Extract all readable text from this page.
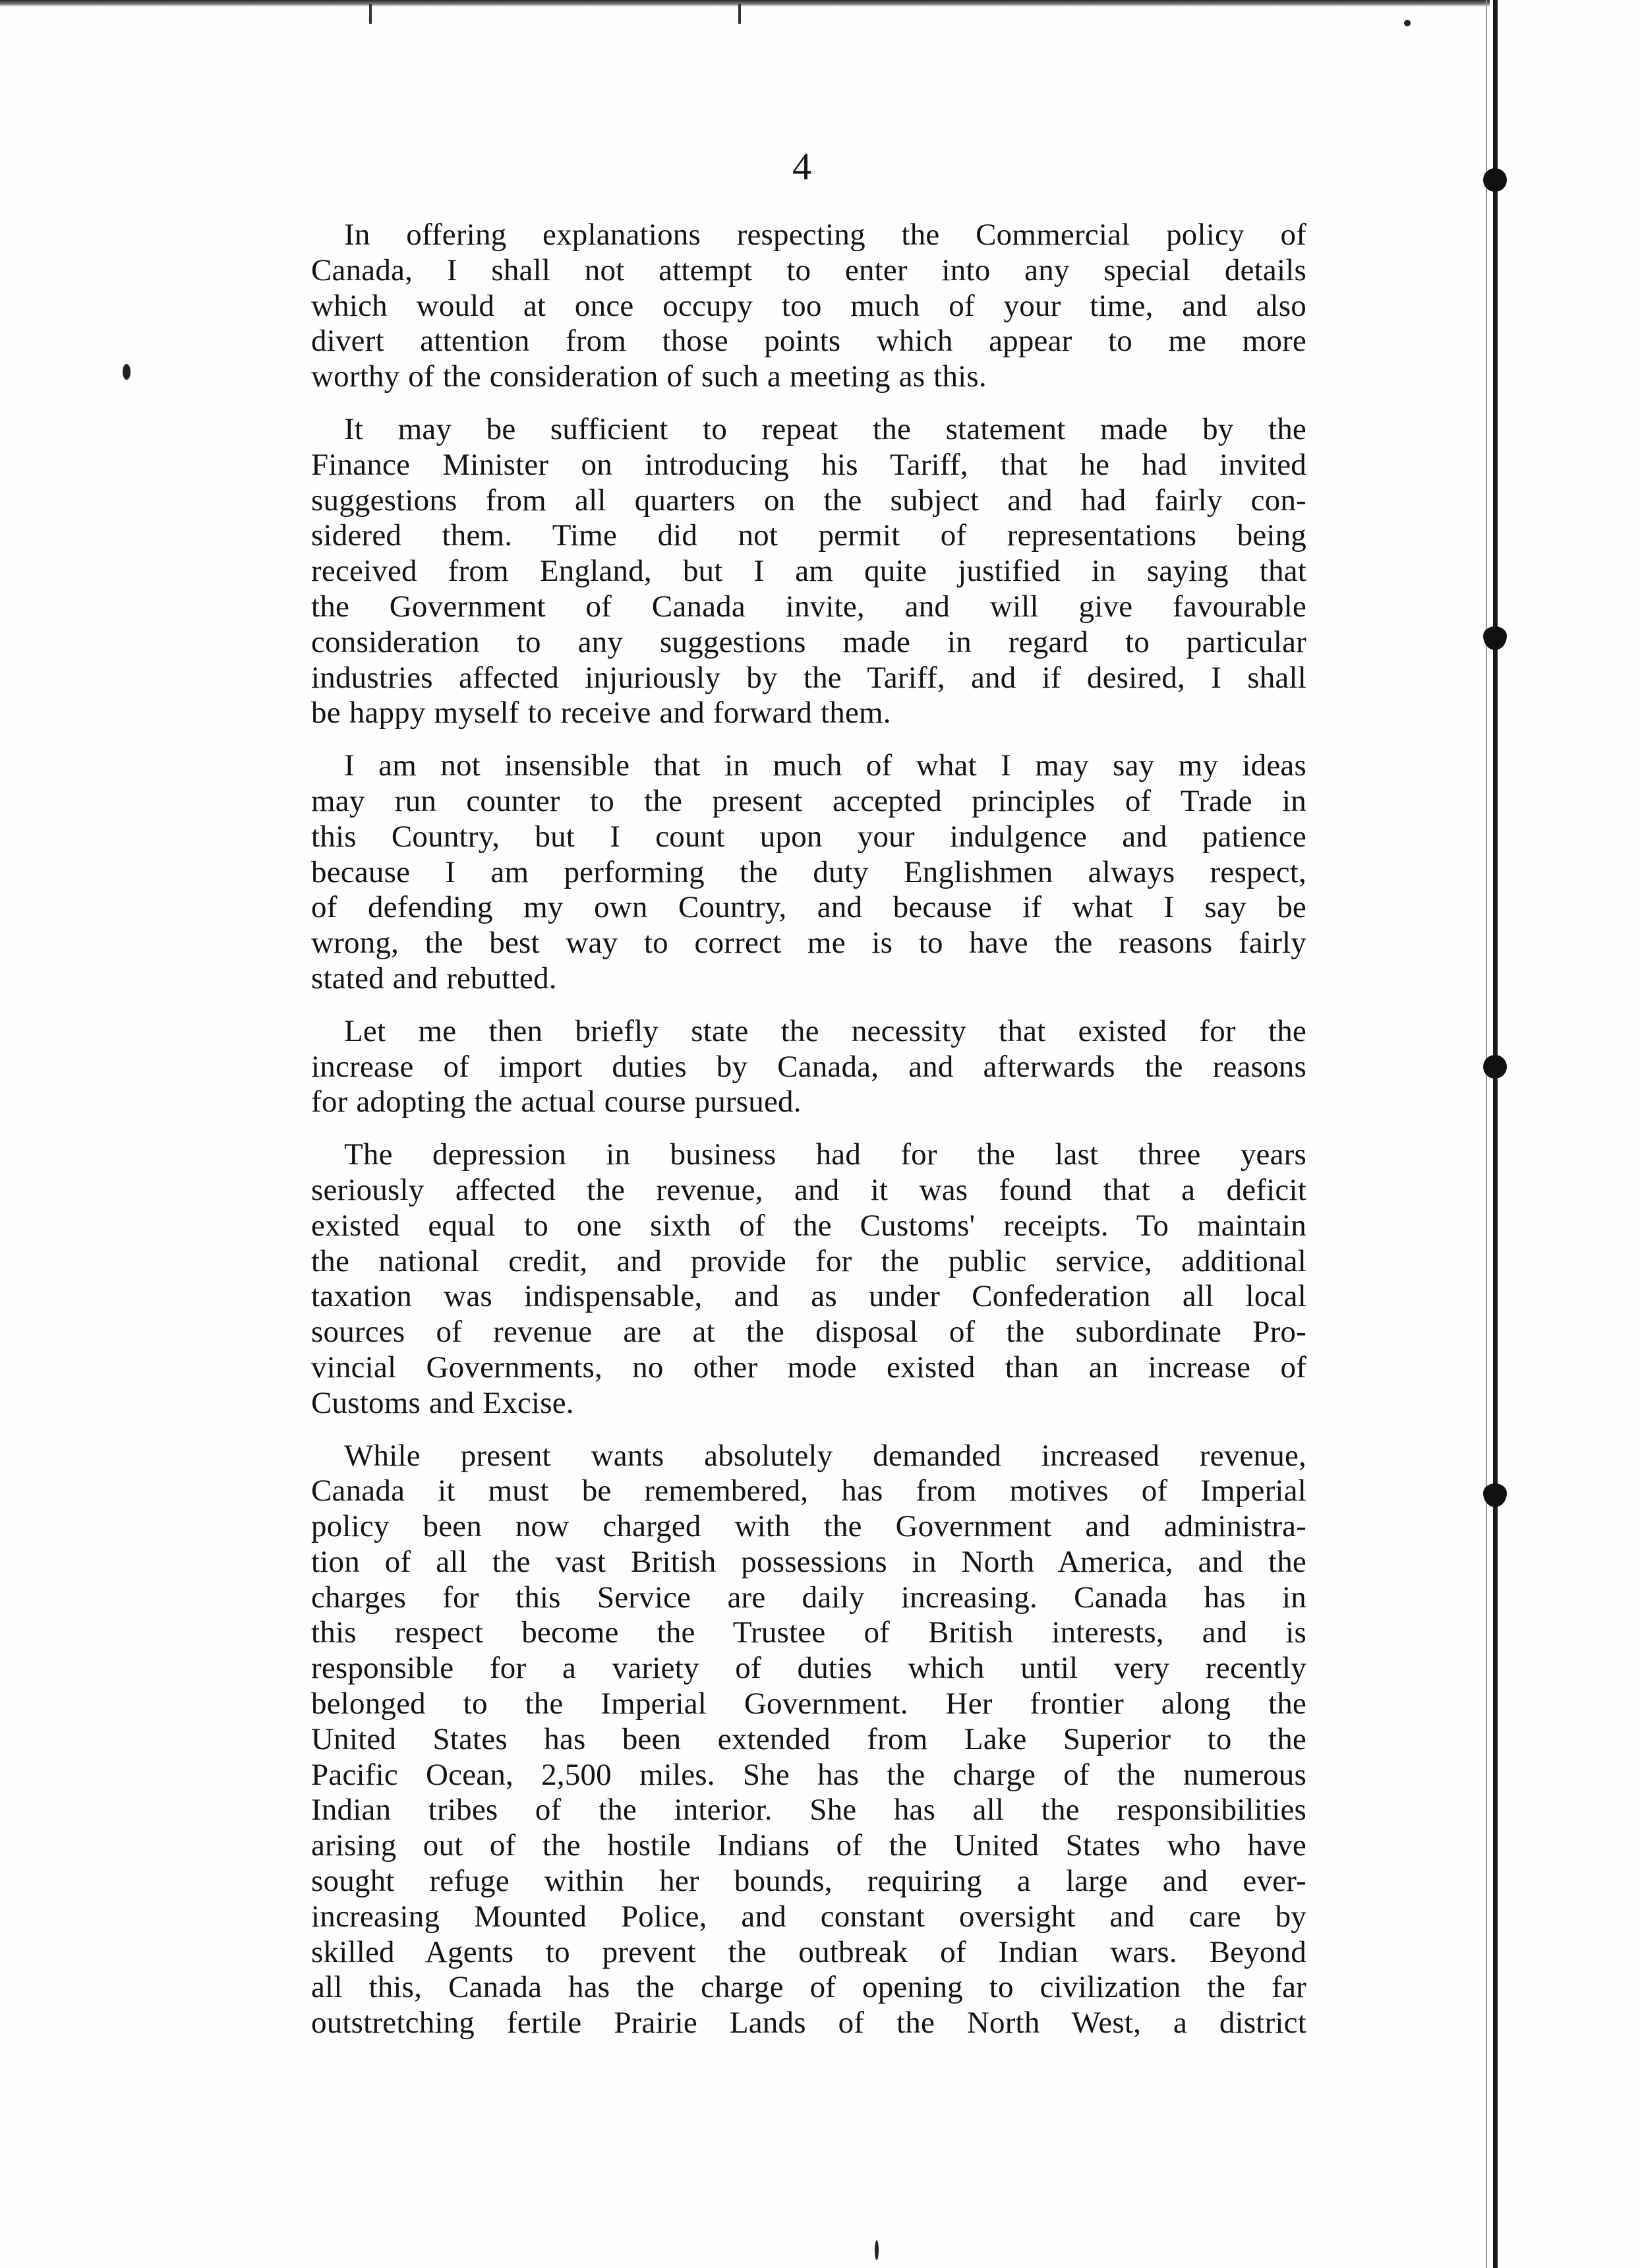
4

In offering explanations respecting the Commercial policy of
Canada, I shall not attempt to enter into any special details
which would at once occupy too much of your time, and also
divert attention from those points which appear to me more
worthy of the consideration of such a meeting as this.

It may be sufficient to repeat the statement made by the
Finance Minister on introducing his Tariff, that he had invited
suggestions from all quarters on the subject and had fairly con-
sidered them. Time did not permit of representations being
received from England, but I am quite justified in saying that
the Government of Canada invite, and will give favourable
consideration to any suggestions made in regard to particular
industries affected injuriously by the Tariff, and if desired, I shall
be happy myself to receive and forward them.

I am not insensible that in much of what I may say my ideas
may run counter to the present accepted principles of Trade in
this Country, but I count upon your indulgence and patience
because I am performing the duty Englishmen always respect,
of defending my own Country, and because if what I say be
wrong, the best way to correct me is to have the reasons fairly
stated and rebutted.

Let me then briefly state the necessity that existed for the
increase of import duties by Canada, and afterwards the reasons
for adopting the actual course pursued.

The depression in business had for the last three years
seriously affected the revenue, and it was found that a deficit
existed equal to one sixth of the Customs' receipts. To maintain
the national credit, and provide for the public service, additional
taxation was indispensable, and as under Confederation all local
sources of revenue are at the disposal of the subordinate Pro-
vincial Governments, no other mode existed than an increase of
Customs and Excise.

While present wants absolutely demanded increased revenue,
Canada it must be remembered, has from motives of Imperial
policy been now charged with the Government and administra-
tion of all the vast British possessions in North America, and the
charges for this Service are daily increasing. Canada has in
this respect become the Trustee of British interests, and is
responsible for a variety of duties which until very recently
belonged to the Imperial Government. Her frontier along the
United States has been extended from Lake Superior to the
Pacific Ocean, 2,500 miles. She has the charge of the numerous
Indian tribes of the interior. She has all the responsibilities
arising out of the hostile Indians of the United States who have
sought refuge within her bounds, requiring a large and ever-
increasing Mounted Police, and constant oversight and care by
skilled Agents to prevent the outbreak of Indian wars. Beyond
all this, Canada has the charge of opening to civilization the far
outstretching fertile Prairie Lands of the North West, a district
